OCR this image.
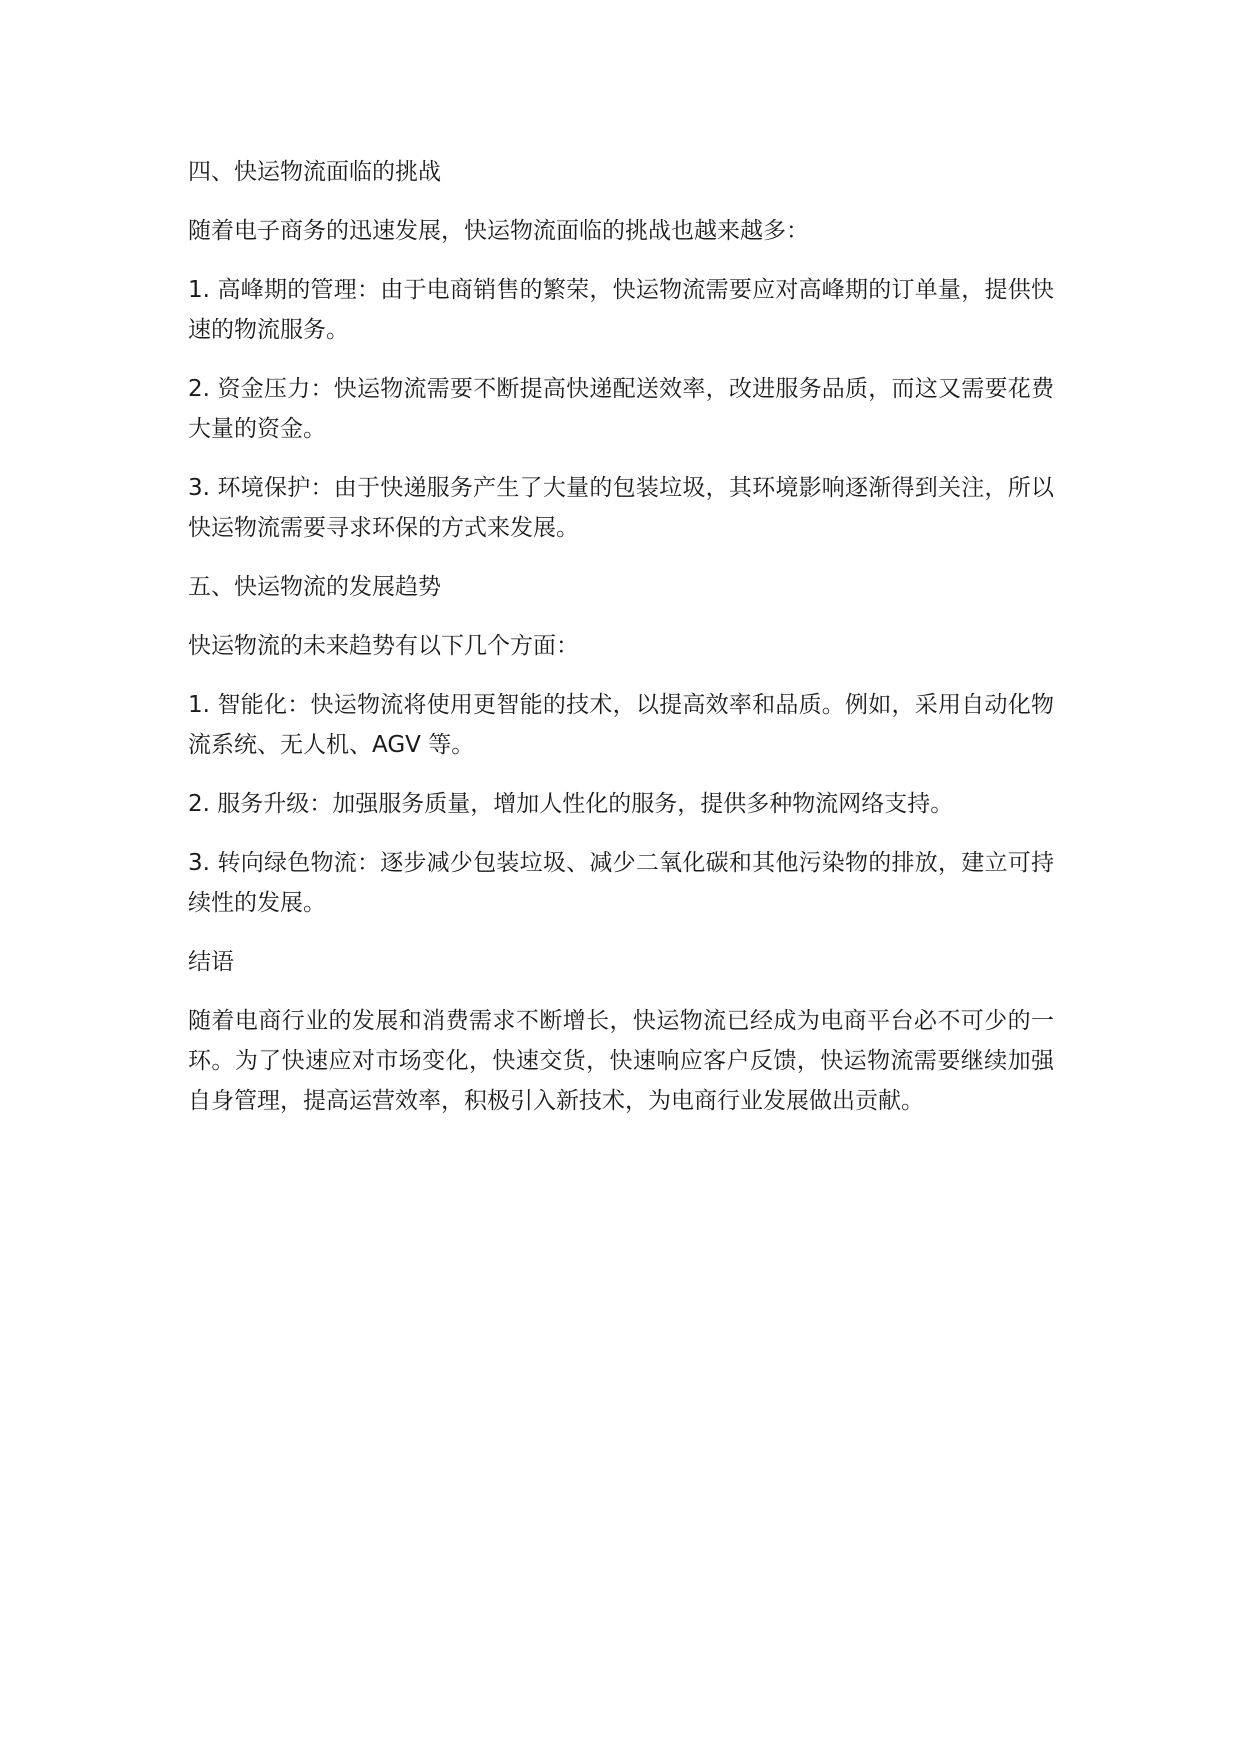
四、快运物流面临的挑战

随着电子商务的迅速发展，快运物流面临的挑战也越来越多：

1. 高峰期的管理：由于电商销售的繁荣，快运物流需要应对高峰期的订单量，提供快速的物流服务。

2. 资金压力：快运物流需要不断提高快递配送效率，改进服务品质，而这又需要花费大量的资金。

3. 环境保护：由于快递服务产生了大量的包装垃圾，其环境影响逐渐得到关注，所以快运物流需要寻求环保的方式来发展。

五、快运物流的发展趋势

快运物流的未来趋势有以下几个方面：

1. 智能化：快运物流将使用更智能的技术，以提高效率和品质。例如，采用自动化物流系统、无人机、AGV 等。

2. 服务升级：加强服务质量，增加人性化的服务，提供多种物流网络支持。

3. 转向绿色物流：逐步减少包装垃圾、减少二氧化碳和其他污染物的排放，建立可持续性的发展。

结语

随着电商行业的发展和消费需求不断增长，快运物流已经成为电商平台必不可少的一环。为了快速应对市场变化，快速交货，快速响应客户反馈，快运物流需要继续加强自身管理，提高运营效率，积极引入新技术，为电商行业发展做出贡献。
